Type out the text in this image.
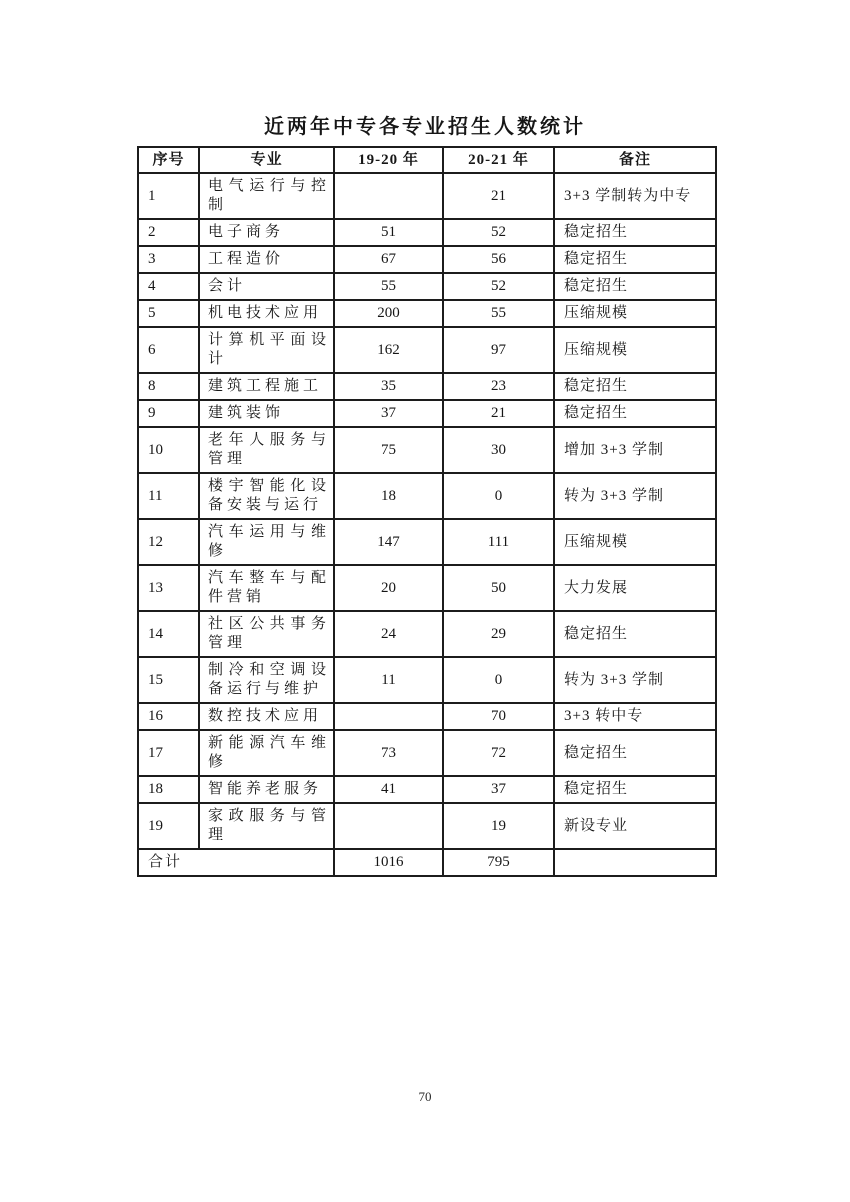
近两年中专各专业招生人数统计
序号	专业	19-20 年	20-21 年	备注
1	电气运行与控制		21	3+3 学制转为中专
2	电子商务	51	52	稳定招生
3	工程造价	67	56	稳定招生
4	会计	55	52	稳定招生
5	机电技术应用	200	55	压缩规模
6	计算机平面设计	162	97	压缩规模
8	建筑工程施工	35	23	稳定招生
9	建筑装饰	37	21	稳定招生
10	老年人服务与管理	75	30	增加 3+3 学制
11	楼宇智能化设备安装与运行	18	0	转为 3+3 学制
12	汽车运用与维修	147	111	压缩规模
13	汽车整车与配件营销	20	50	大力发展
14	社区公共事务管理	24	29	稳定招生
15	制冷和空调设备运行与维护	11	0	转为 3+3 学制
16	数控技术应用		70	3+3 转中专
17	新能源汽车维修	73	72	稳定招生
18	智能养老服务	41	37	稳定招生
19	家政服务与管理		19	新设专业
合计		1016	795	
70
